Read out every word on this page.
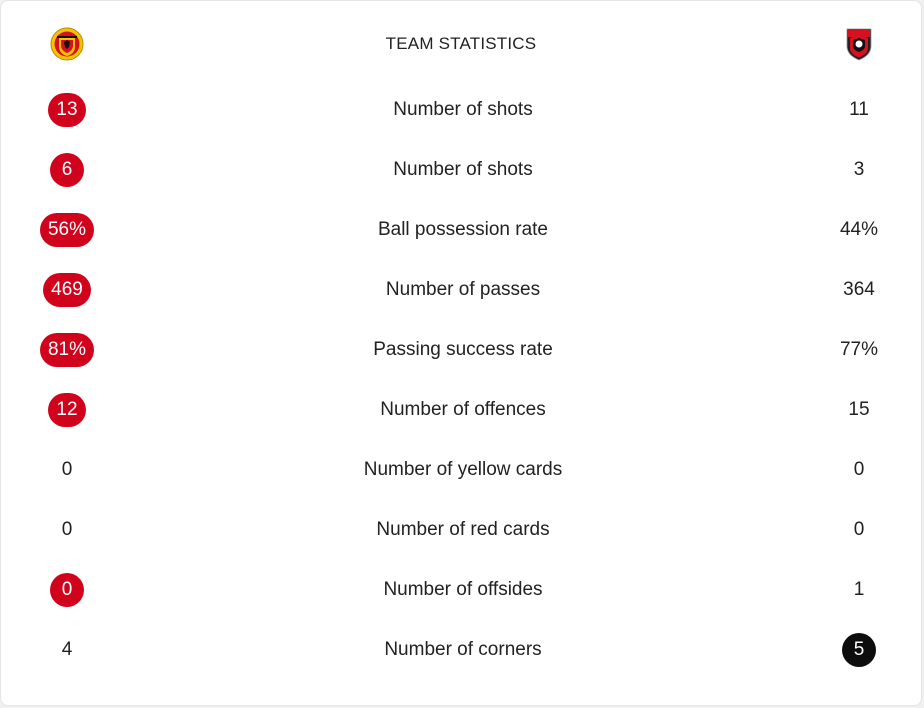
TEAM STATISTICS
13	Number of shots	11
6	Number of shots	3
56%	Ball possession rate	44%
469	Number of passes	364
81%	Passing success rate	77%
12	Number of offences	15
0	Number of yellow cards	0
0	Number of red cards	0
0	Number of offsides	1
4	Number of corners	5
